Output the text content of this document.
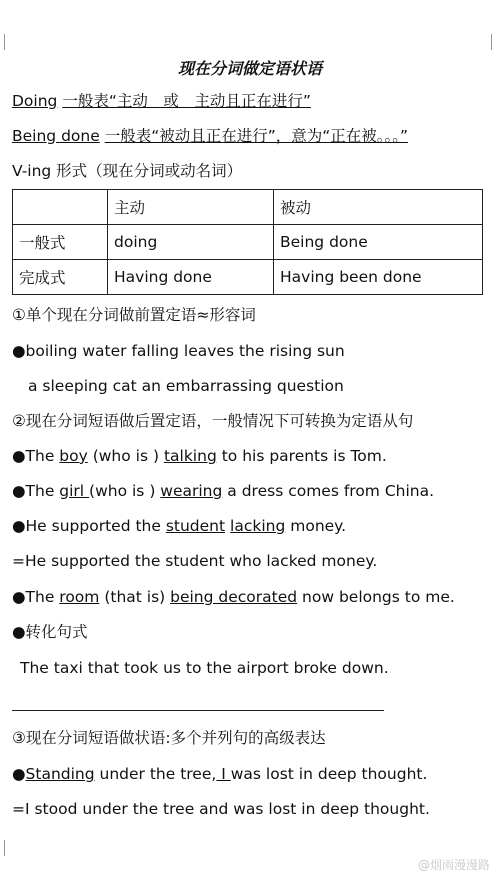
现在分词做定语状语
Doing 一般表“主动　或　主动且正在进行”
Being done 一般表“被动且正在进行”，意为“正在被。。。”
V-ing 形式（现在分词或动名词）
	主动	被动
一般式	doing	Being done
完成式	Having done	Having been done
①单个现在分词做前置定语≈形容词
●boiling water falling leaves the rising sun
a sleeping cat an embarrassing question
②现在分词短语做后置定语，一般情况下可转换为定语从句
●The boy (who is ) talking to his parents is Tom.
●The girl (who is ) wearing a dress comes from China.
●He supported the student lacking money.
=He supported the student who lacked money.
●The room (that is) being decorated now belongs to me.
●转化句式
The taxi that took us to the airport broke down.
③现在分词短语做状语:多个并列句的高级表达
●Standing under the tree, I was lost in deep thought.
=I stood under the tree and was lost in deep thought.
@烟雨漫漫路
